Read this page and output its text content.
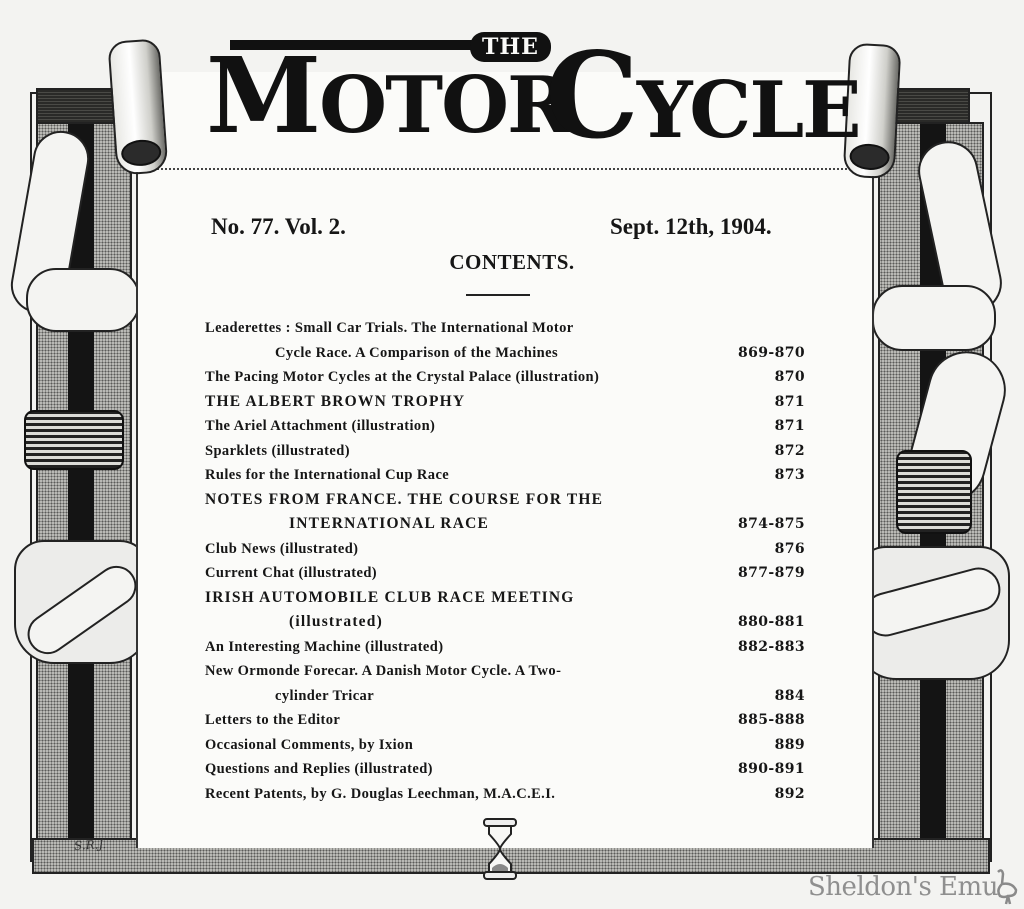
THE
MOTOR
CYCLE
No. 77. Vol. 2.	Sept. 12th, 1904.
CONTENTS.
Leaderettes : Small Car Trials. The International Motor
Cycle Race. A Comparison of the Machines	869-870
The Pacing Motor Cycles at the Crystal Palace (illustration)	870
THE ALBERT BROWN TROPHY	871
The Ariel Attachment (illustration)	871
Sparklets (illustrated)	872
Rules for the International Cup Race	873
NOTES FROM FRANCE. THE COURSE FOR THE
INTERNATIONAL RACE	874-875
Club News (illustrated)	876
Current Chat (illustrated)	877-879
IRISH AUTOMOBILE CLUB RACE MEETING
(illustrated)	880-881
An Interesting Machine (illustrated)	882-883
New Ormonde Forecar. A Danish Motor Cycle. A Two-
cylinder Tricar	884
Letters to the Editor	885-888
Occasional Comments, by Ixion	889
Questions and Replies (illustrated)	890-891
Recent Patents, by G. Douglas Leechman, M.A.C.E.I.	892
S.R.J.
Sheldon's Emu
